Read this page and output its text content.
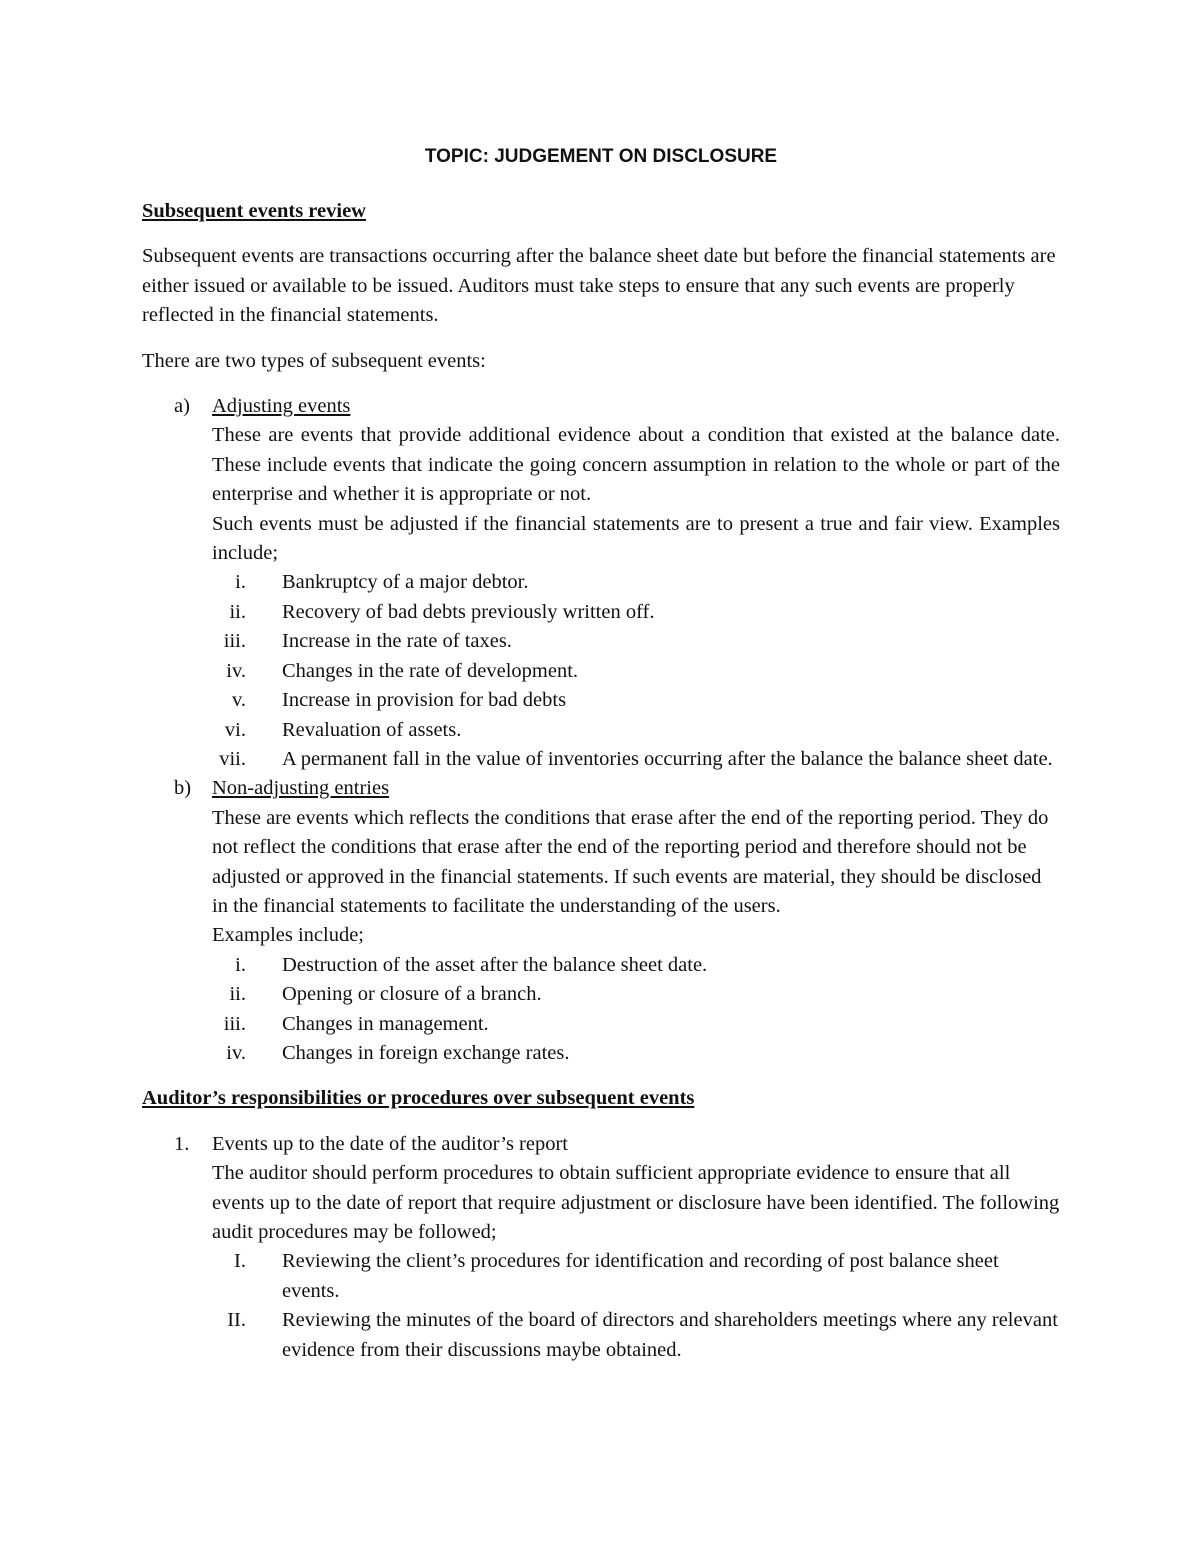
TOPIC: JUDGEMENT ON DISCLOSURE
Subsequent events review

Subsequent events are transactions occurring after the balance sheet date but before the financial statements are either issued or available to be issued. Auditors must take steps to ensure that any such events are properly reflected in the financial statements.

There are two types of subsequent events:

a) Adjusting events
These are events that provide additional evidence about a condition that existed at the balance date. These include events that indicate the going concern assumption in relation to the whole or part of the enterprise and whether it is appropriate or not.
Such events must be adjusted if the financial statements are to present a true and fair view. Examples include;
i. Bankruptcy of a major debtor.
ii. Recovery of bad debts previously written off.
iii. Increase in the rate of taxes.
iv. Changes in the rate of development.
v. Increase in provision for bad debts
vi. Revaluation of assets.
vii. A permanent fall in the value of inventories occurring after the balance the balance sheet date.
b) Non-adjusting entries
These are events which reflects the conditions that erase after the end of the reporting period. They do not reflect the conditions that erase after the end of the reporting period and therefore should not be adjusted or approved in the financial statements. If such events are material, they should be disclosed in the financial statements to facilitate the understanding of the users.
Examples include;
i. Destruction of the asset after the balance sheet date.
ii. Opening or closure of a branch.
iii. Changes in management.
iv. Changes in foreign exchange rates.
Auditor’s responsibilities or procedures over subsequent events
1. Events up to the date of the auditor’s report
The auditor should perform procedures to obtain sufficient appropriate evidence to ensure that all events up to the date of report that require adjustment or disclosure have been identified. The following audit procedures may be followed;
I. Reviewing the client’s procedures for identification and recording of post balance sheet events.
II. Reviewing the minutes of the board of directors and shareholders meetings where any relevant evidence from their discussions maybe obtained.
